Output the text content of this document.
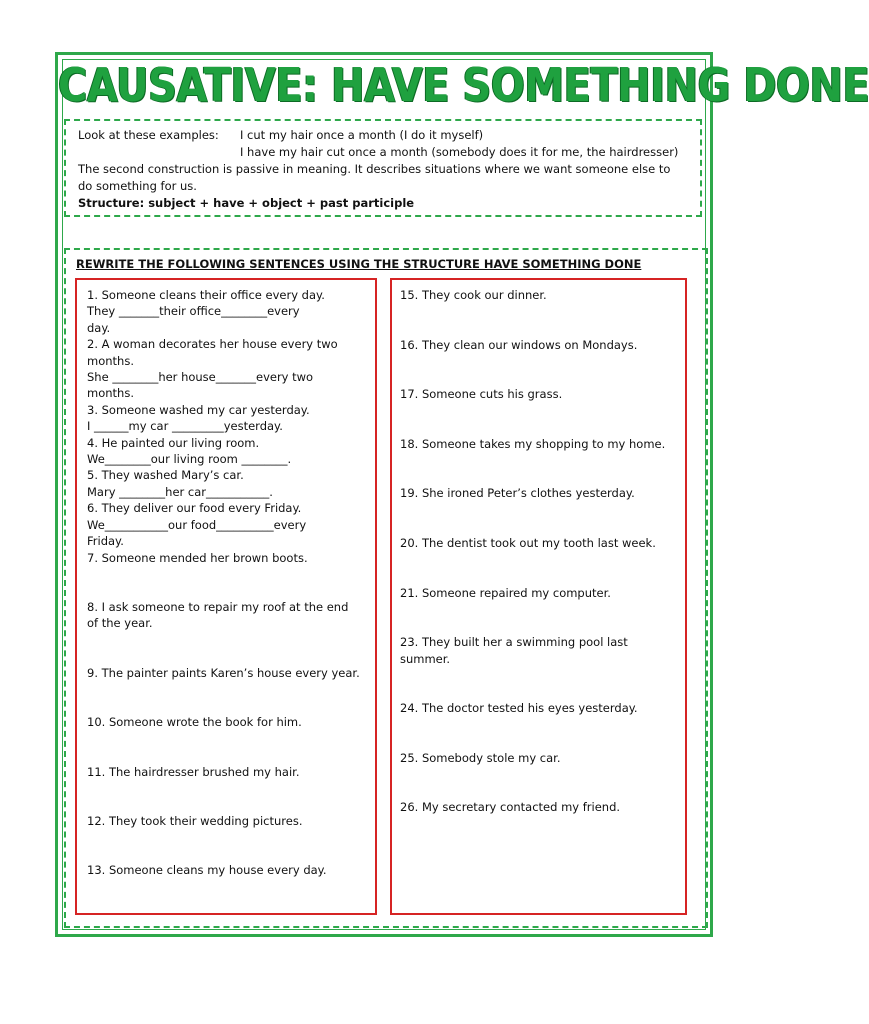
CAUSATIVE: HAVE SOMETHING DONE
Look at these examples:	I cut my hair once a month (I do it myself)
I have my hair cut once a month (somebody does it for me, the hairdresser)
The second construction is passive in meaning. It describes situations where we want someone else to do something for us.
Structure: subject + have + object + past participle
REWRITE THE FOLLOWING SENTENCES USING THE STRUCTURE HAVE SOMETHING DONE

1. Someone cleans their office every day.

They _______their office________every

day.

2. A woman decorates her house every two

months.

She ________her house_______every two

months.

3. Someone washed my car yesterday.

I ______my car _________yesterday.

4. He painted our living room.

We________our living room ________.

5. They washed Mary’s car.

Mary ________her car___________.

6. They deliver our food every Friday.

We___________our food__________every

Friday.

7. Someone mended her brown boots.

8. I ask someone to repair my roof at the end

of the year.

9. The painter paints Karen’s house every year.

10. Someone wrote the book for him.

11. The hairdresser brushed my hair.

12. They took their wedding pictures.

13. Someone cleans my house every day.

15. They cook our dinner.

16. They clean our windows on Mondays.

17. Someone cuts his grass.

18. Someone takes my shopping to my home.

19. She ironed Peter’s clothes yesterday.

20. The dentist took out my tooth last week.

21. Someone repaired my computer.

23. They built her a swimming pool last

summer.

24. The doctor tested his eyes yesterday.

25. Somebody stole my car.

26. My secretary contacted my friend.
